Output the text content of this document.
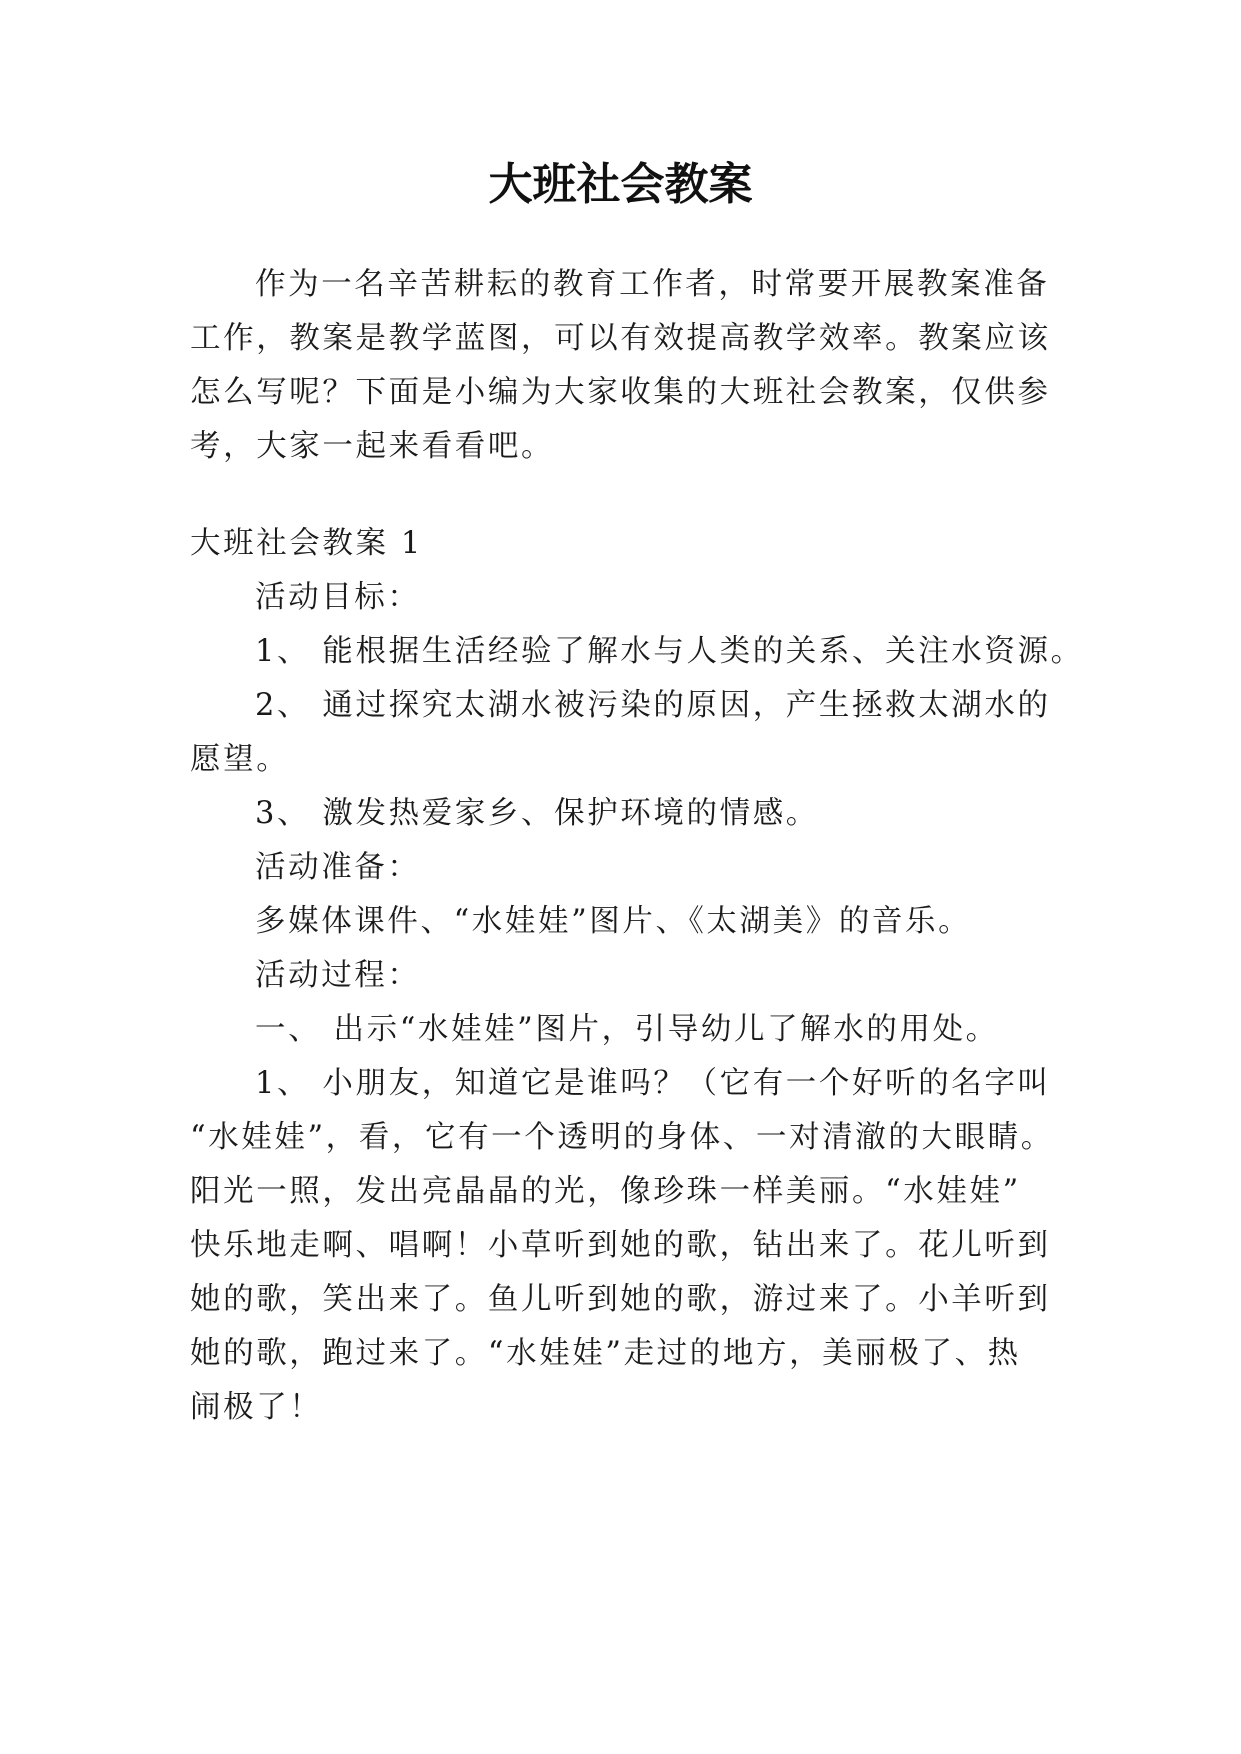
大班社会教案
作为一名辛苦耕耘的教育工作者，时常要开展教案准备
工作，教案是教学蓝图，可以有效提高教学效率。教案应该
怎么写呢？下面是小编为大家收集的大班社会教案，仅供参
考，大家一起来看看吧。
大班社会教案 1
活动目标：
1、 能根据生活经验了解水与人类的关系、关注水资源。
2、 通过探究太湖水被污染的原因，产生拯救太湖水的
愿望。
3、 激发热爱家乡、保护环境的情感。
活动准备：
多媒体课件、“水娃娃”图片、《太湖美》的音乐。
活动过程：
一、 出示“水娃娃”图片，引导幼儿了解水的用处。
1、 小朋友，知道它是谁吗？（它有一个好听的名字叫
“水娃娃”，看，它有一个透明的身体、一对清澈的大眼睛。
阳光一照，发出亮晶晶的光，像珍珠一样美丽。“水娃娃”
快乐地走啊、唱啊！小草听到她的歌，钻出来了。花儿听到
她的歌，笑出来了。鱼儿听到她的歌，游过来了。小羊听到
她的歌，跑过来了。“水娃娃”走过的地方，美丽极了、热
闹极了！
